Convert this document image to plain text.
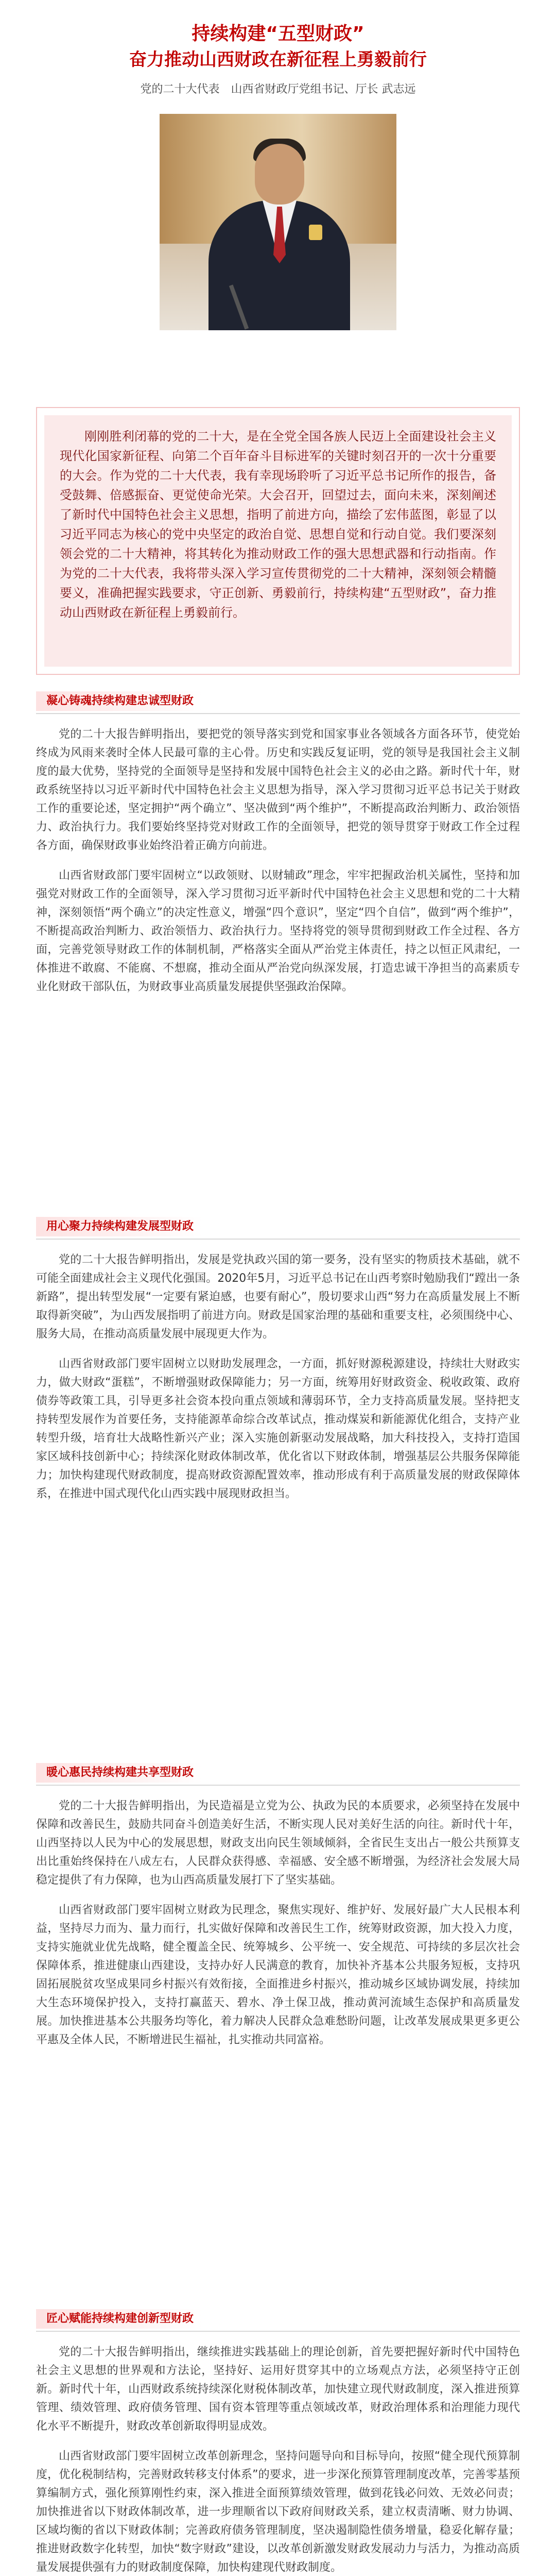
持续构建“五型财政”
奋力推动山西财政在新征程上勇毅前行
党的二十大代表　山西省财政厅党组书记、厅长 武志远

刚刚胜利闭幕的党的二十大，是在全党全国各族人民迈上全面建设社会主义现代化国家新征程、向第二个百年奋斗目标进军的关键时刻召开的一次十分重要的大会。作为党的二十大代表，我有幸现场聆听了习近平总书记所作的报告，备受鼓舞、倍感振奋、更觉使命光荣。大会召开，回望过去，面向未来，深刻阐述了新时代中国特色社会主义思想，指明了前进方向，描绘了宏伟蓝图，彰显了以习近平同志为核心的党中央坚定的政治自觉、思想自觉和行动自觉。我们要深刻领会党的二十大精神，将其转化为推动财政工作的强大思想武器和行动指南。作为党的二十大代表，我将带头深入学习宣传贯彻党的二十大精神，深刻领会精髓要义，准确把握实践要求，守正创新、勇毅前行，持续构建“五型财政”，奋力推动山西财政在新征程上勇毅前行。

凝心铸魂持续构建忠诚型财政

党的二十大报告鲜明指出，要把党的领导落实到党和国家事业各领域各方面各环节，使党始终成为风雨来袭时全体人民最可靠的主心骨。历史和实践反复证明，党的领导是我国社会主义制度的最大优势，坚持党的全面领导是坚持和发展中国特色社会主义的必由之路。新时代十年，财政系统坚持以习近平新时代中国特色社会主义思想为指导，深入学习贯彻习近平总书记关于财政工作的重要论述，坚定拥护“两个确立”、坚决做到“两个维护”，不断提高政治判断力、政治领悟力、政治执行力。我们要始终坚持党对财政工作的全面领导，把党的领导贯穿于财政工作全过程各方面，确保财政事业始终沿着正确方向前进。

山西省财政部门要牢固树立“以政领财、以财辅政”理念，牢牢把握政治机关属性，坚持和加强党对财政工作的全面领导，深入学习贯彻习近平新时代中国特色社会主义思想和党的二十大精神，深刻领悟“两个确立”的决定性意义，增强“四个意识”，坚定“四个自信”，做到“两个维护”，不断提高政治判断力、政治领悟力、政治执行力。坚持将党的领导贯彻到财政工作全过程、各方面，完善党领导财政工作的体制机制，严格落实全面从严治党主体责任，持之以恒正风肃纪，一体推进不敢腐、不能腐、不想腐，推动全面从严治党向纵深发展，打造忠诚干净担当的高素质专业化财政干部队伍，为财政事业高质量发展提供坚强政治保障。

用心聚力持续构建发展型财政

党的二十大报告鲜明指出，发展是党执政兴国的第一要务，没有坚实的物质技术基础，就不可能全面建成社会主义现代化强国。2020年5月，习近平总书记在山西考察时勉励我们“蹚出一条新路”，提出转型发展“一定要有紧迫感，也要有耐心”，殷切要求山西“努力在高质量发展上不断取得新突破”，为山西发展指明了前进方向。财政是国家治理的基础和重要支柱，必须围绕中心、服务大局，在推动高质量发展中展现更大作为。

山西省财政部门要牢固树立以财助发展理念，一方面，抓好财源税源建设，持续壮大财政实力，做大财政“蛋糕”，不断增强财政保障能力；另一方面，统筹用好财政资金、税收政策、政府债券等政策工具，引导更多社会资本投向重点领域和薄弱环节，全力支持高质量发展。坚持把支持转型发展作为首要任务，支持能源革命综合改革试点，推动煤炭和新能源优化组合，支持产业转型升级，培育壮大战略性新兴产业；深入实施创新驱动发展战略，加大科技投入，支持打造国家区域科技创新中心；持续深化财政体制改革，优化省以下财政体制，增强基层公共服务保障能力；加快构建现代财政制度，提高财政资源配置效率，推动形成有利于高质量发展的财政保障体系，在推进中国式现代化山西实践中展现财政担当。

暖心惠民持续构建共享型财政

党的二十大报告鲜明指出，为民造福是立党为公、执政为民的本质要求，必须坚持在发展中保障和改善民生，鼓励共同奋斗创造美好生活，不断实现人民对美好生活的向往。新时代十年，山西坚持以人民为中心的发展思想，财政支出向民生领域倾斜，全省民生支出占一般公共预算支出比重始终保持在八成左右，人民群众获得感、幸福感、安全感不断增强，为经济社会发展大局稳定提供了有力保障，也为山西高质量发展打下了坚实基础。

山西省财政部门要牢固树立财政为民理念，聚焦实现好、维护好、发展好最广大人民根本利益，坚持尽力而为、量力而行，扎实做好保障和改善民生工作，统筹财政资源，加大投入力度，支持实施就业优先战略，健全覆盖全民、统筹城乡、公平统一、安全规范、可持续的多层次社会保障体系，推进健康山西建设，支持办好人民满意的教育，加快补齐基本公共服务短板，支持巩固拓展脱贫攻坚成果同乡村振兴有效衔接，全面推进乡村振兴，推动城乡区域协调发展，持续加大生态环境保护投入，支持打赢蓝天、碧水、净土保卫战，推动黄河流域生态保护和高质量发展。加快推进基本公共服务均等化，着力解决人民群众急难愁盼问题，让改革发展成果更多更公平惠及全体人民，不断增进民生福祉，扎实推动共同富裕。

匠心赋能持续构建创新型财政

党的二十大报告鲜明指出，继续推进实践基础上的理论创新，首先要把握好新时代中国特色社会主义思想的世界观和方法论，坚持好、运用好贯穿其中的立场观点方法，必须坚持守正创新。新时代十年，山西财政系统持续深化财税体制改革，加快建立现代财政制度，深入推进预算管理、绩效管理、政府债务管理、国有资本管理等重点领域改革，财政治理体系和治理能力现代化水平不断提升，财政改革创新取得明显成效。

山西省财政部门要牢固树立改革创新理念，坚持问题导向和目标导向，按照“健全现代预算制度，优化税制结构，完善财政转移支付体系”的要求，进一步深化预算管理制度改革，完善零基预算编制方式，强化预算刚性约束，深入推进全面预算绩效管理，做到花钱必问效、无效必问责；加快推进省以下财政体制改革，进一步理顺省以下政府间财政关系，建立权责清晰、财力协调、区域均衡的省以下财政体制；完善政府债务管理制度，坚决遏制隐性债务增量，稳妥化解存量；推进财政数字化转型，加快“数字财政”建设，以改革创新激发财政发展动力与活力，为推动高质量发展提供强有力的财政制度保障，加快构建现代财政制度。
